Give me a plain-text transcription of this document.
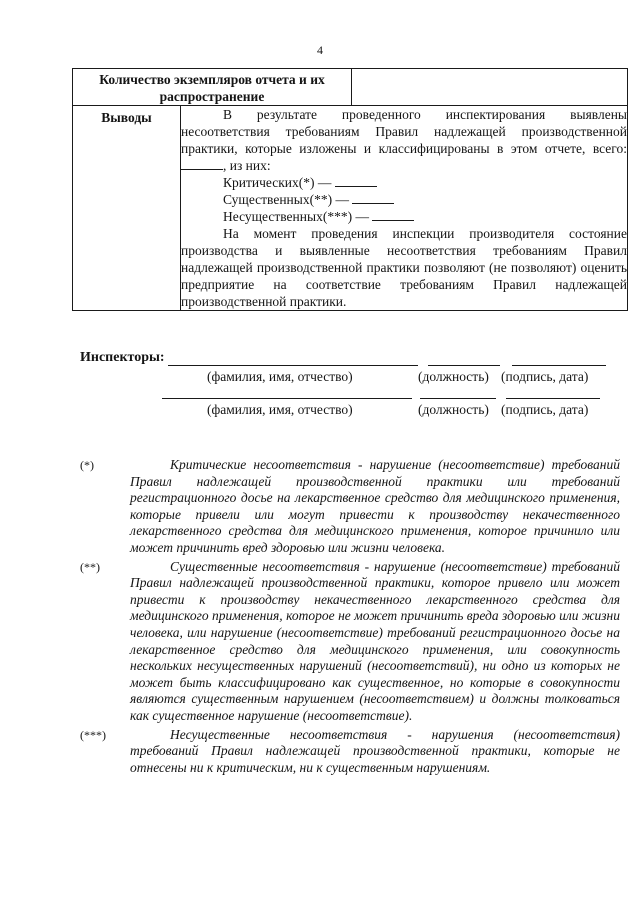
4
Количество экземпляров отчета и их распространение

Выводы	В результате проведенного инспектирования выявлены несоответствия требованиям Правил надлежащей производственной практики, которые изложены и классифицированы в этом отчете, всего: , из них:

Критических(*) —

Существенных(**) —

Несущественных(***) —

На момент проведения инспекции производителя состояние производства и выявленные несоответствия требованиям Правил надлежащей производственной практики позволяют (не позволяют) оценить предприятие на соответствие требованиям Правил надлежащей производственной практики.

Инспекторы:
(фамилия, имя, отчество)	(должность) (подпись, дата)
(фамилия, имя, отчество)	(должность) (подпись, дата)
(*)	Критические несоответствия - нарушение (несоответствие) требований Правил надлежащей производственной практики или требований регистрационного досье на лекарственное средство для медицинского применения, которые привели или могут привести к производству некачественного лекарственного средства для медицинского применения, которое причинило или может причинить вред здоровью или жизни человека.
(**)	Существенные несоответствия - нарушение (несоответствие) требований Правил надлежащей производственной практики, которое привело или может привести к производству некачественного лекарственного средства для медицинского применения, которое не может причинить вреда здоровью или жизни человека, или нарушение (несоответствие) требований регистрационного досье на лекарственное средство для медицинского применения, или совокупность нескольких несущественных нарушений (несоответствий), ни одно из которых не может быть классифицировано как существенное, но которые в совокупности являются существенным нарушением (несоответствием) и должны толковаться как существенное нарушение (несоответствие).
(***)	Несущественные несоответствия - нарушения (несоответствия) требований Правил надлежащей производственной практики, которые не отнесены ни к критическим, ни к существенным нарушениям.
